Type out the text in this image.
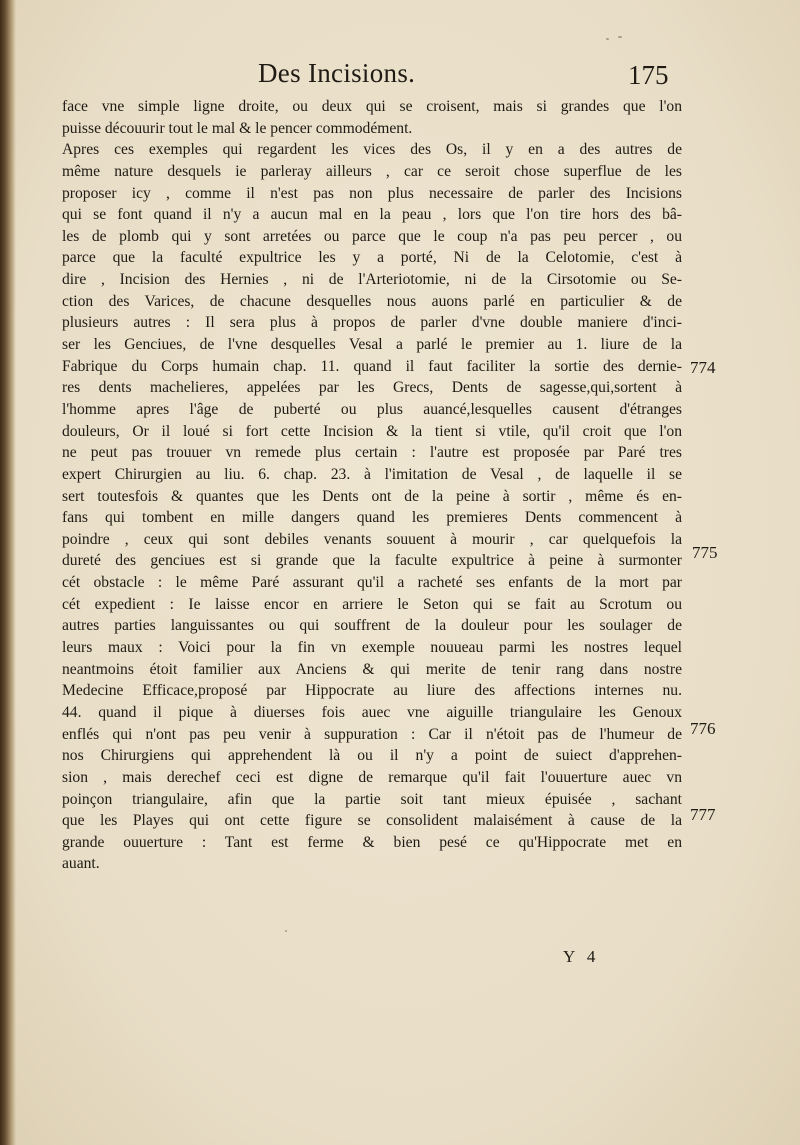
Des Incisions.	175
face vne simple ligne droite, ou deux qui se croisent, mais si grandes que l'on
puisse découurir tout le mal & le pencer commodément.
Apres ces exemples qui regardent les vices des Os, il y en a des autres de
même nature desquels ie parleray ailleurs , car ce seroit chose superflue de les
proposer icy , comme il n'est pas non plus necessaire de parler des Incisions
qui se font quand il n'y a aucun mal en la peau , lors que l'on tire hors des bâ-
les de plomb qui y sont arretées ou parce que le coup n'a pas peu percer , ou
parce que la faculté expultrice les y a porté, Ni de la Celotomie, c'est à
dire , Incision des Hernies , ni de l'Arteriotomie, ni de la Cirsotomie ou Se-
ction des Varices, de chacune desquelles nous auons parlé en particulier & de
plusieurs autres : Il sera plus à propos de parler d'vne double maniere d'inci-
ser les Genciues, de l'vne desquelles Vesal a parlé le premier au 1. liure de la
Fabrique du Corps humain chap. 11. quand il faut faciliter la sortie des dernie-
res dents machelieres, appelées par les Grecs, Dents de sagesse,qui,sortent à
l'homme apres l'âge de puberté ou plus auancé,lesquelles causent d'étranges
douleurs, Or il loué si fort cette Incision & la tient si vtile, qu'il croit que l'on
ne peut pas trouuer vn remede plus certain : l'autre est proposée par Paré tres
expert Chirurgien au liu. 6. chap. 23. à l'imitation de Vesal , de laquelle il se
sert toutesfois & quantes que les Dents ont de la peine à sortir , même és en-
fans qui tombent en mille dangers quand les premieres Dents commencent à
poindre , ceux qui sont debiles venants souuent à mourir , car quelquefois la
dureté des genciues est si grande que la faculte expultrice à peine à surmonter
cét obstacle : le même Paré assurant qu'il a racheté ses enfants de la mort par
cét expedient : Ie laisse encor en arriere le Seton qui se fait au Scrotum ou
autres parties languissantes ou qui souffrent de la douleur pour les soulager de
leurs maux : Voici pour la fin vn exemple nouueau parmi les nostres lequel
neantmoins étoit familier aux Anciens & qui merite de tenir rang dans nostre
Medecine Efficace,proposé par Hippocrate au liure des affections internes nu.
44. quand il pique à diuerses fois auec vne aiguille triangulaire les Genoux
enflés qui n'ont pas peu venir à suppuration : Car il n'étoit pas de l'humeur de
nos Chirurgiens qui apprehendent là ou il n'y a point de suiect d'apprehen-
sion , mais derechef ceci est digne de remarque qu'il fait l'ouuerture auec vn
poinçon triangulaire, afin que la partie soit tant mieux épuisée , sachant
que les Playes qui ont cette figure se consolident malaisément à cause de la
grande ouuerture : Tant est ferme & bien pesé ce qu'Hippocrate met en
auant.
774
775
776
777
Y 4
